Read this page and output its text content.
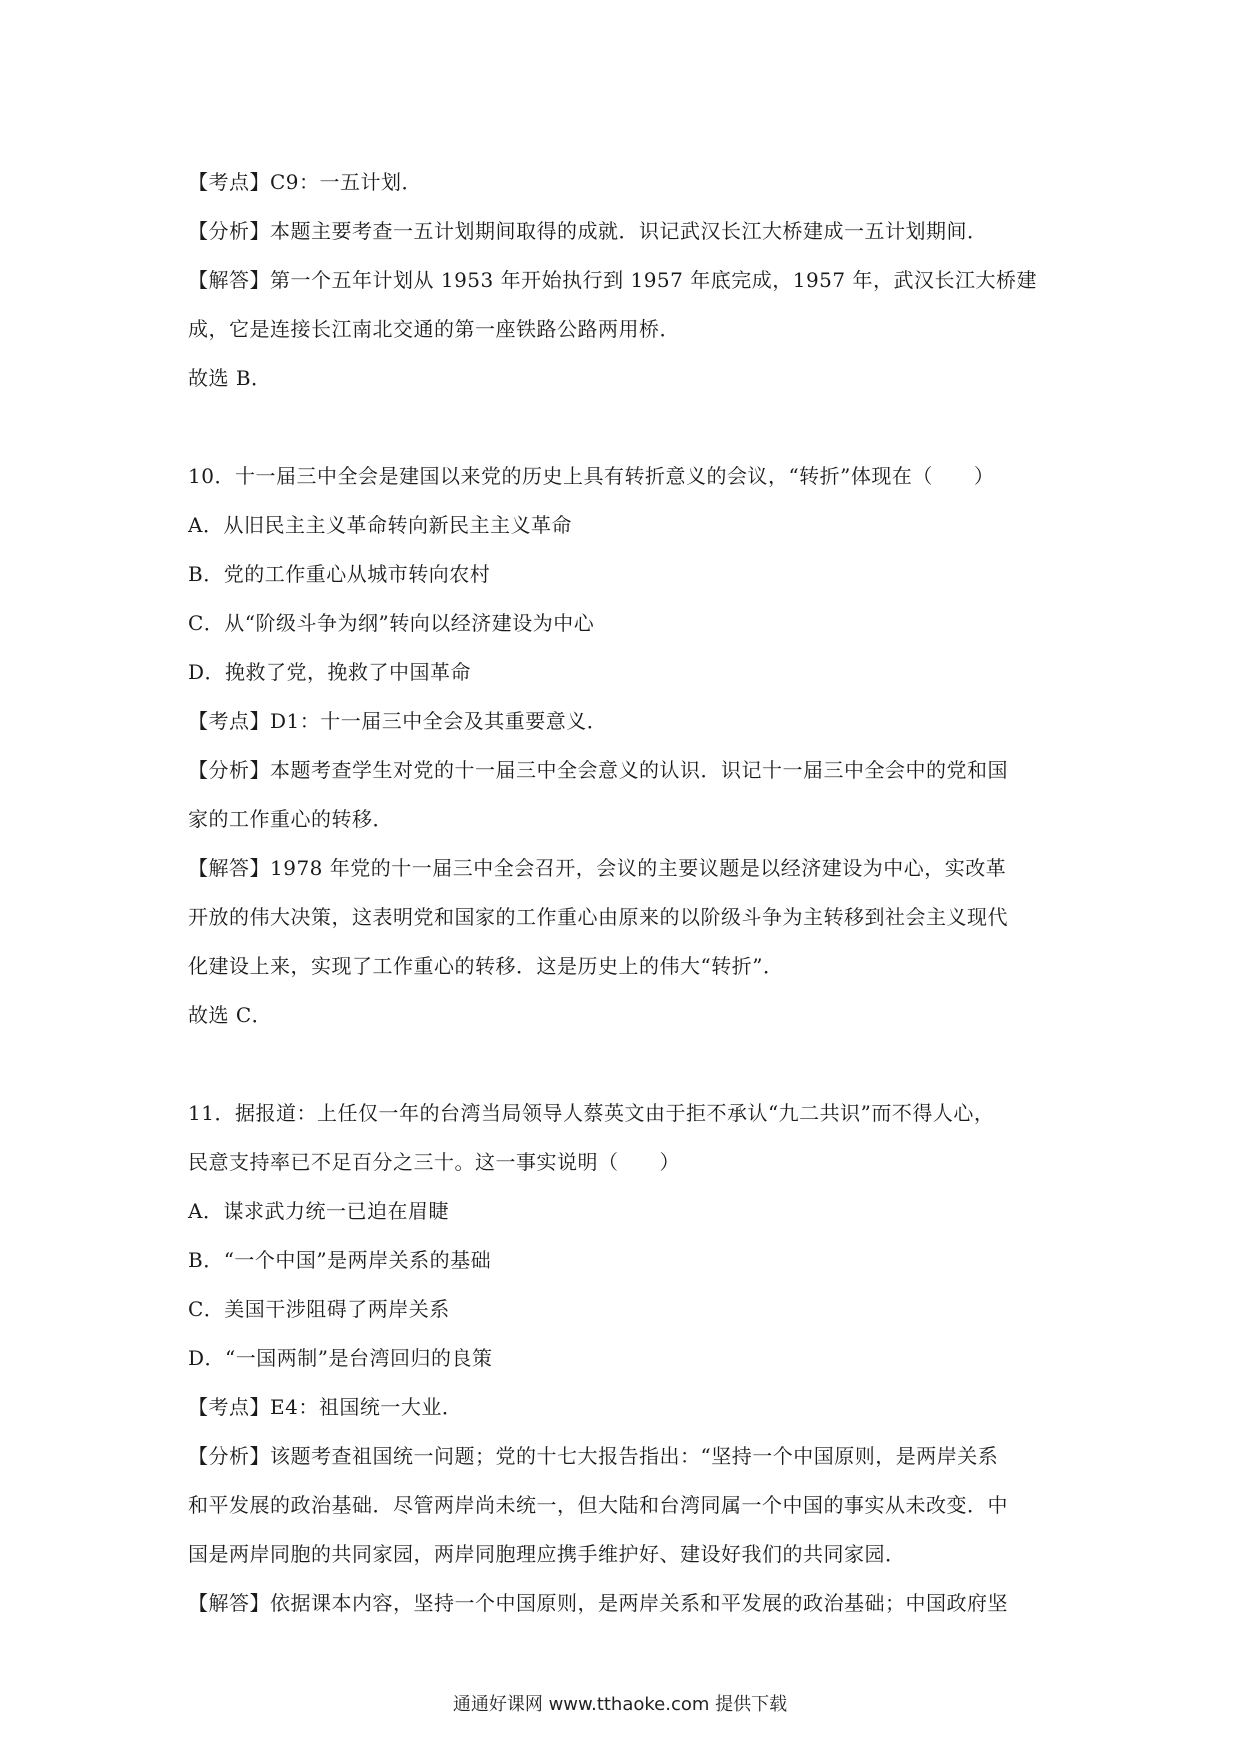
【考点】C9：一五计划．
【分析】本题主要考查一五计划期间取得的成就．识记武汉长江大桥建成一五计划期间．
【解答】第一个五年计划从 1953 年开始执行到 1957 年底完成，1957 年，武汉长江大桥建
成，它是连接长江南北交通的第一座铁路公路两用桥．
故选 B．
10．十一届三中全会是建国以来党的历史上具有转折意义的会议，“转折”体现在（　　）
A．从旧民主主义革命转向新民主主义革命
B．党的工作重心从城市转向农村
C．从“阶级斗争为纲”转向以经济建设为中心
D．挽救了党，挽救了中国革命
【考点】D1：十一届三中全会及其重要意义．
【分析】本题考查学生对党的十一届三中全会意义的认识．识记十一届三中全会中的党和国
家的工作重心的转移．
【解答】1978 年党的十一届三中全会召开，会议的主要议题是以经济建设为中心，实改革
开放的伟大决策，这表明党和国家的工作重心由原来的以阶级斗争为主转移到社会主义现代
化建设上来，实现了工作重心的转移．这是历史上的伟大“转折”．
故选 C．
11．据报道：上任仅一年的台湾当局领导人蔡英文由于拒不承认“九二共识”而不得人心，
民意支持率已不足百分之三十。这一事实说明（　　）
A．谋求武力统一已迫在眉睫
B．“一个中国”是两岸关系的基础
C．美国干涉阻碍了两岸关系
D．“一国两制”是台湾回归的良策
【考点】E4：祖国统一大业．
【分析】该题考查祖国统一问题；党的十七大报告指出：“坚持一个中国原则，是两岸关系
和平发展的政治基础．尽管两岸尚未统一，但大陆和台湾同属一个中国的事实从未改变．中
国是两岸同胞的共同家园，两岸同胞理应携手维护好、建设好我们的共同家园．
【解答】依据课本内容，坚持一个中国原则，是两岸关系和平发展的政治基础；中国政府坚
通通好课网 www.tthaoke.com 提供下载
